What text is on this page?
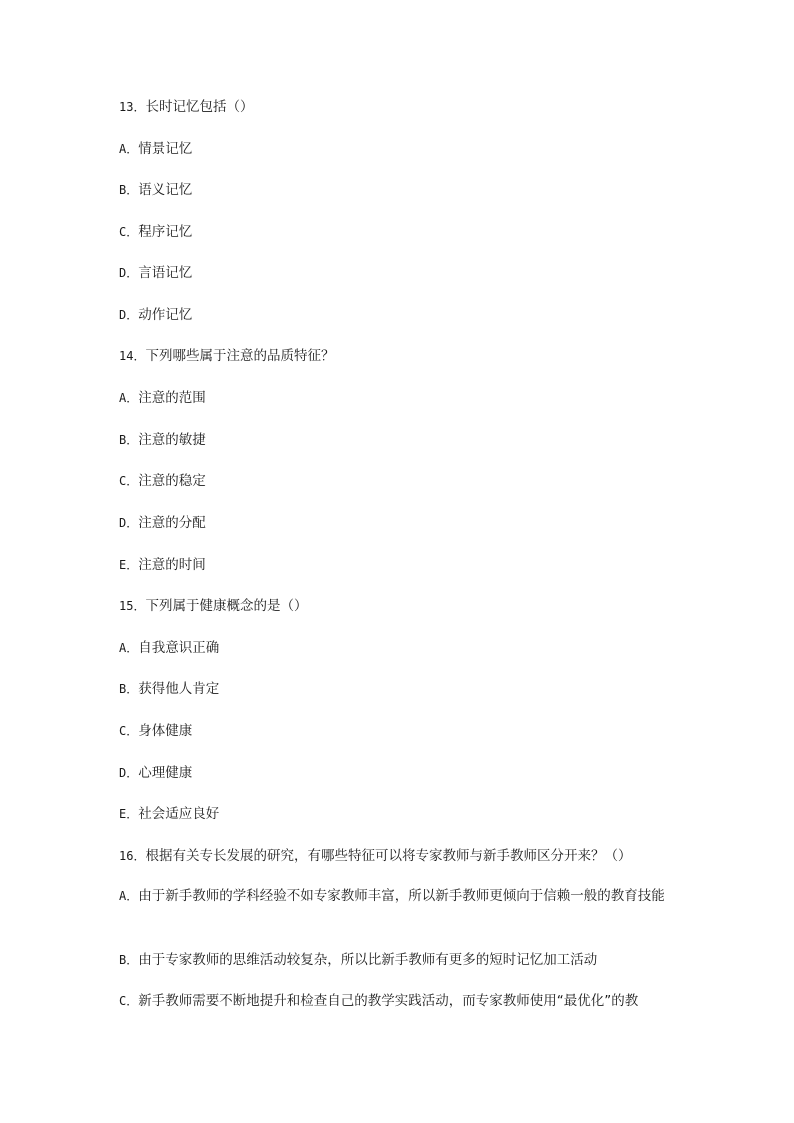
13．长时记忆包括（）
A．情景记忆
B．语义记忆
C．程序记忆
D．言语记忆
D．动作记忆
14．下列哪些属于注意的品质特征？
A．注意的范围
B．注意的敏捷
C．注意的稳定
D．注意的分配
E．注意的时间
15．下列属于健康概念的是（）
A．自我意识正确
B．获得他人肯定
C．身体健康
D．心理健康
E．社会适应良好
16．根据有关专长发展的研究，有哪些特征可以将专家教师与新手教师区分开来？（）
A．由于新手教师的学科经验不如专家教师丰富，所以新手教师更倾向于信赖一般的教育技能
B．由于专家教师的思维活动较复杂，所以比新手教师有更多的短时记忆加工活动
C．新手教师需要不断地提升和检查自己的教学实践活动，而专家教师使用“最优化”的教
